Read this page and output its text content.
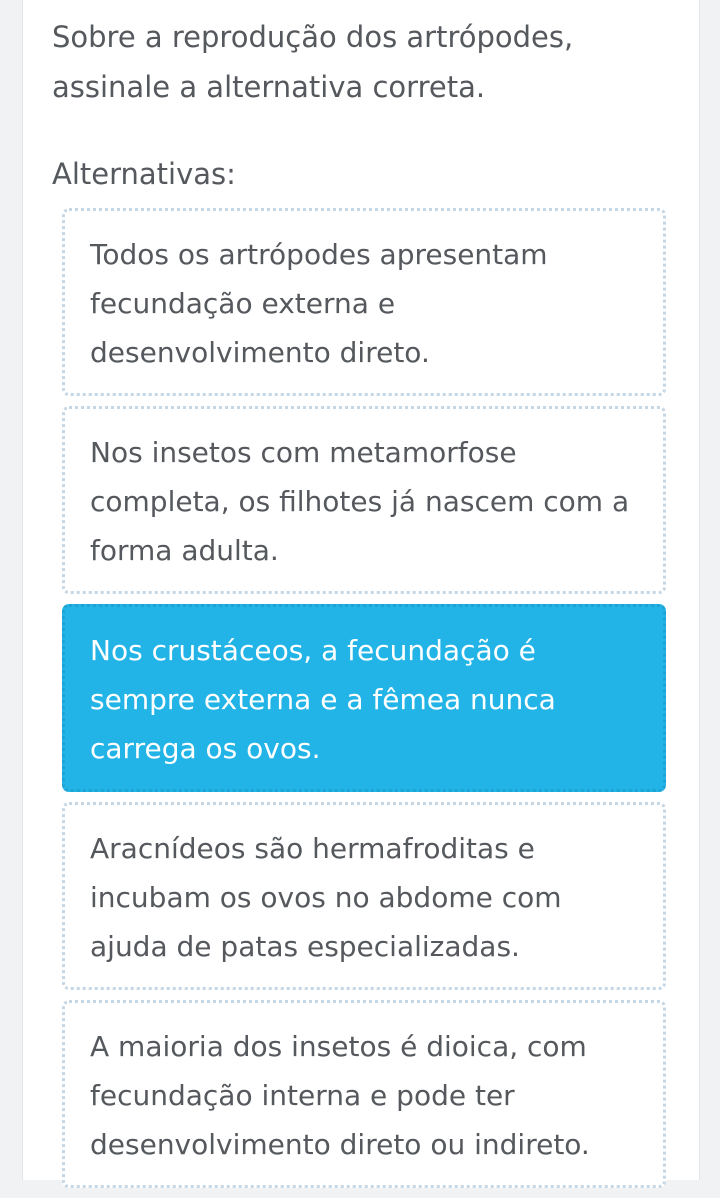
Sobre a reprodução dos artrópodes, assinale a alternativa correta.

Alternativas:
Todos os artrópodes apresentam fecundação externa e desenvolvimento direto.
Nos insetos com metamorfose completa, os filhotes já nascem com a forma adulta.
Nos crustáceos, a fecundação é sempre externa e a fêmea nunca carrega os ovos.
Aracnídeos são hermafroditas e incubam os ovos no abdome com ajuda de patas especializadas.
A maioria dos insetos é dioica, com fecundação interna e pode ter desenvolvimento direto ou indireto.
